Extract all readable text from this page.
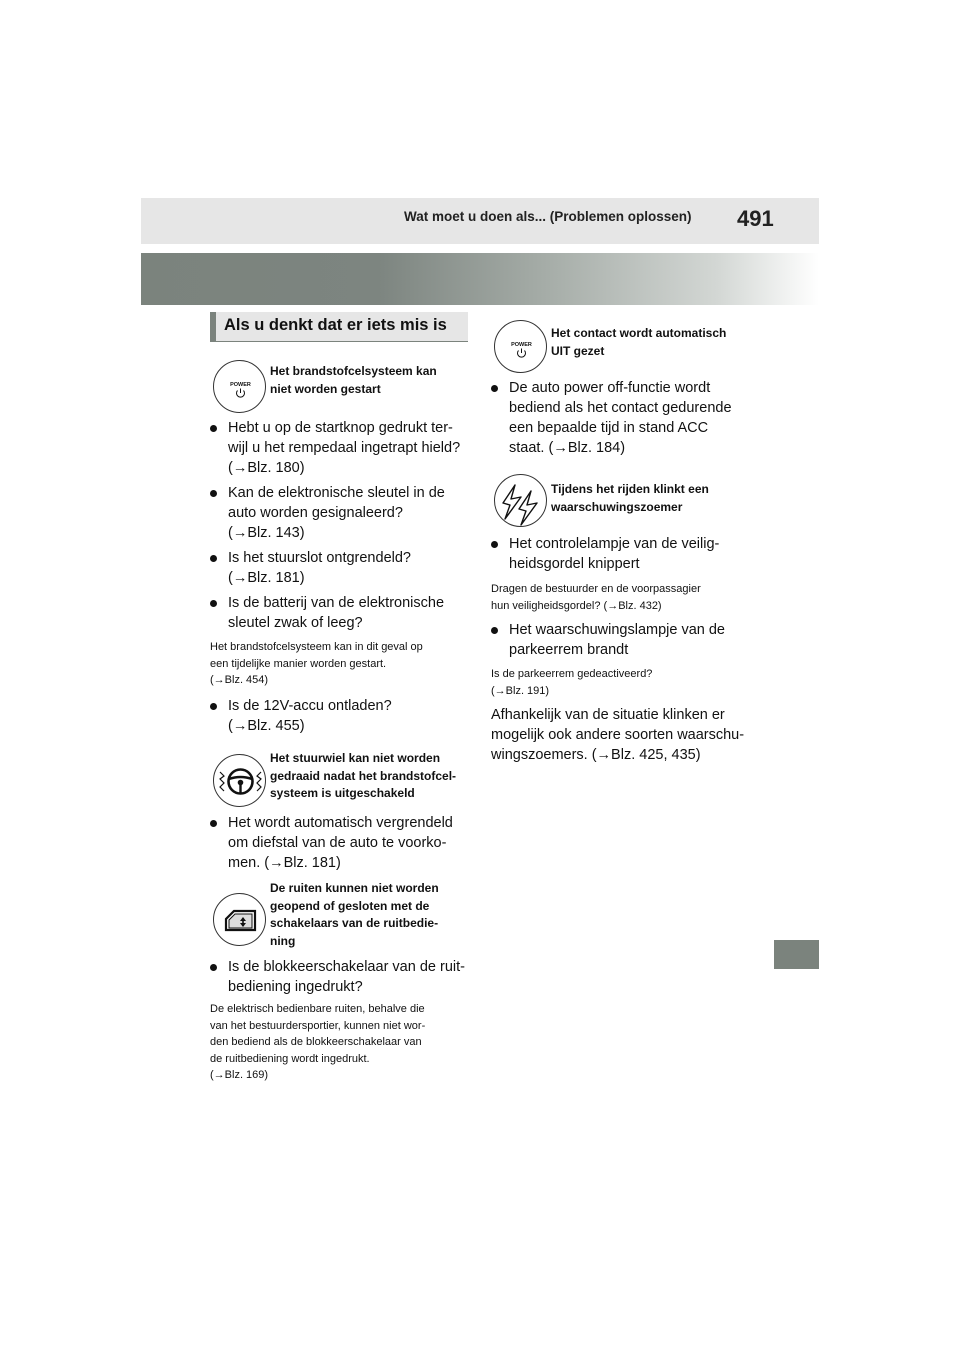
Wat moet u doen als... (Problemen oplossen) 491
Als u denkt dat er iets mis is
POWER
Het brandstofcelsysteem kan
niet worden gestart
Hebt u op de startknop gedrukt ter-
wijl u het rempedaal ingetrapt hield?
(→Blz. 180)
Kan de elektronische sleutel in de
auto worden gesignaleerd?
(→Blz. 143)
Is het stuurslot ontgrendeld?
(→Blz. 181)
Is de batterij van de elektronische
sleutel zwak of leeg?
Het brandstofcelsysteem kan in dit geval op
een tijdelijke manier worden gestart.
(→Blz. 454)
Is de 12V-accu ontladen?
(→Blz. 455)
Het stuurwiel kan niet worden
gedraaid nadat het brandstofcel-
systeem is uitgeschakeld
Het wordt automatisch vergrendeld
om diefstal van de auto te voorko-
men. (→Blz. 181)
De ruiten kunnen niet worden
geopend of gesloten met de
schakelaars van de ruitbedie-
ning
Is de blokkeerschakelaar van de ruit-
bediening ingedrukt?
De elektrisch bedienbare ruiten, behalve die
van het bestuurdersportier, kunnen niet wor-
den bediend als de blokkeerschakelaar van
de ruitbediening wordt ingedrukt.
(→Blz. 169)
POWER
Het contact wordt automatisch
UIT gezet
De auto power off-functie wordt
bediend als het contact gedurende
een bepaalde tijd in stand ACC
staat. (→Blz. 184)
Tijdens het rijden klinkt een
waarschuwingszoemer
Het controlelampje van de veilig-
heidsgordel knippert
Dragen de bestuurder en de voorpassagier
hun veiligheidsgordel? (→Blz. 432)
Het waarschuwingslampje van de
parkeerrem brandt
Is de parkeerrem gedeactiveerd?
(→Blz. 191)
Afhankelijk van de situatie klinken er
mogelijk ook andere soorten waarschu-
wingszoemers. (→Blz. 425, 435)
